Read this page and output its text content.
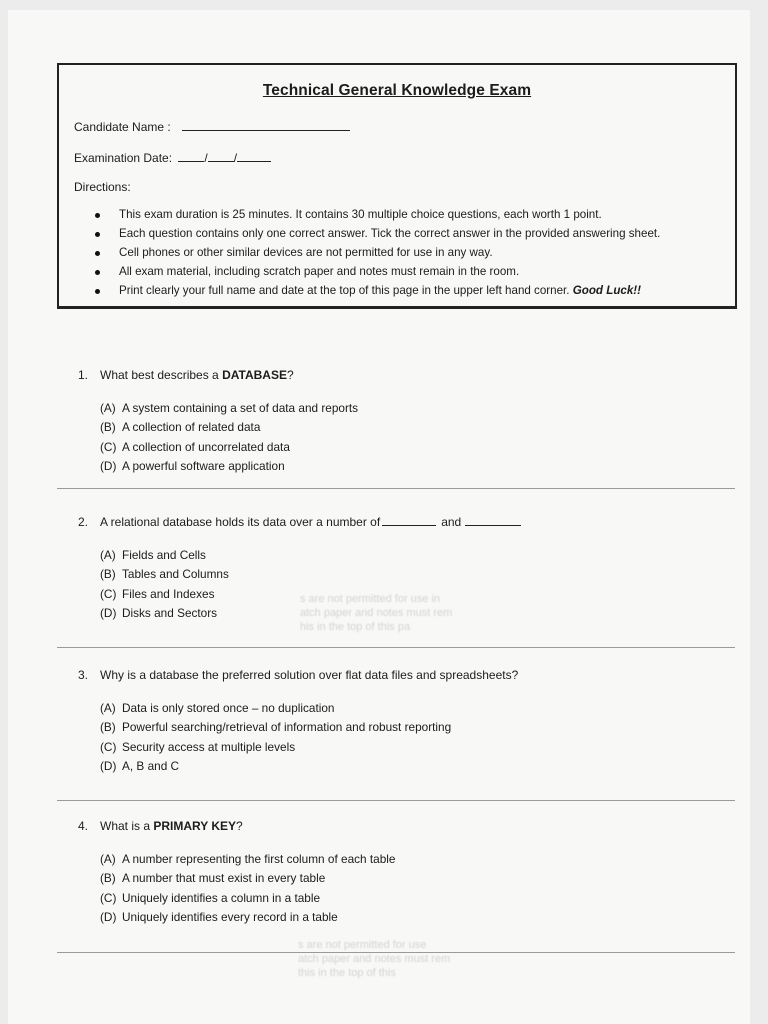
Technical General Knowledge Exam
Candidate Name :
Examination Date:	/ /
Directions:
This exam duration is 25 minutes. It contains 30 multiple choice questions, each worth 1 point.
Each question contains only one correct answer. Tick the correct answer in the provided answering sheet.
Cell phones or other similar devices are not permitted for use in any way.
All exam material, including scratch paper and notes must remain in the room.
Print clearly your full name and date at the top of this page in the upper left hand corner. Good Luck!!
1. What best describes a DATABASE?
(A) A system containing a set of data and reports
(B) A collection of related data
(C) A collection of uncorrelated data
(D) A powerful software application
2. A relational database holds its data over a number of	and
(A) Fields and Cells
(B) Tables and Columns
(C) Files and Indexes
(D) Disks and Sectors
s are not permitted for use in
atch paper and notes must rem
his in the top of this pa
3. Why is a database the preferred solution over flat data files and spreadsheets?
(A) Data is only stored once – no duplication
(B) Powerful searching/retrieval of information and robust reporting
(C) Security access at multiple levels
(D) A, B and C
4. What is a PRIMARY KEY?
(A) A number representing the first column of each table
(B) A number that must exist in every table
(C) Uniquely identifies a column in a table
(D) Uniquely identifies every record in a table
s are not permitted for use
atch paper and notes must rem
this in the top of this
